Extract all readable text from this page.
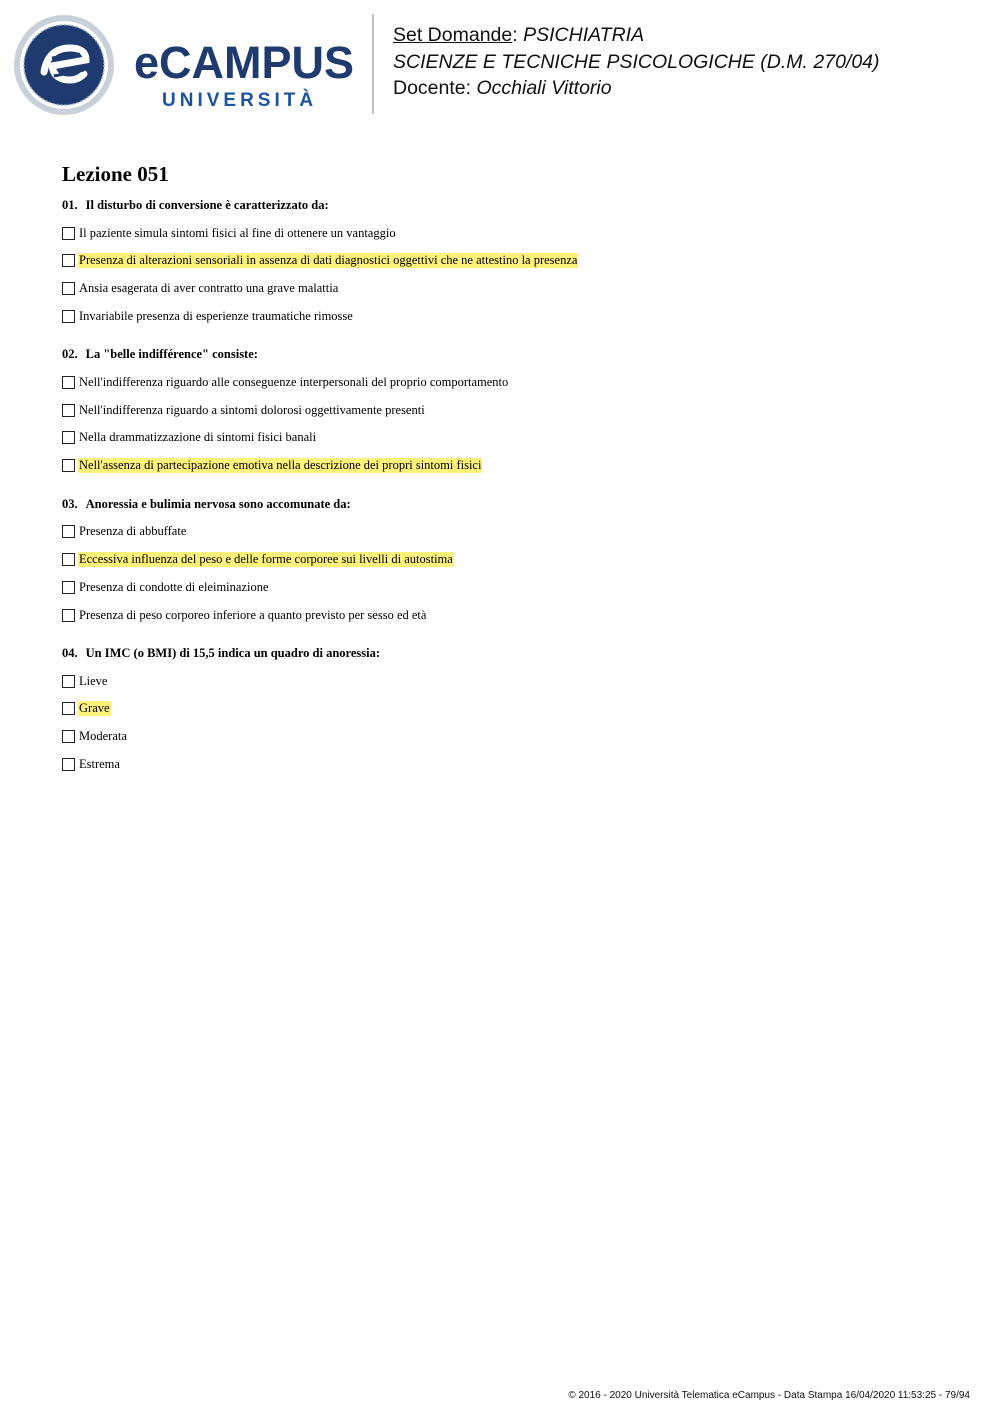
eCAMPUS
UNIVERSITÀ
Set Domande: PSICHIATRIA
SCIENZE E TECNICHE PSICOLOGICHE (D.M. 270/04)
Docente: Occhiali Vittorio
Lezione 051
01. Il disturbo di conversione è caratterizzato da:
Il paziente simula sintomi fisici al fine di ottenere un vantaggio
Presenza di alterazioni sensoriali in assenza di dati diagnostici oggettivi che ne attestino la presenza
Ansia esagerata di aver contratto una grave malattia
Invariabile presenza di esperienze traumatiche rimosse
02. La "belle indifférence" consiste:
Nell'indifferenza riguardo alle conseguenze interpersonali del proprio comportamento
Nell'indifferenza riguardo a sintomi dolorosi oggettivamente presenti
Nella drammatizzazione di sintomi fisici banali
Nell'assenza di partecipazione emotiva nella descrizione dei propri sintomi fisici
03. Anoressia e bulimia nervosa sono accomunate da:
Presenza di abbuffate
Eccessiva influenza del peso e delle forme corporee sui livelli di autostima
Presenza di condotte di eleiminazione
Presenza di peso corporeo inferiore a quanto previsto per sesso ed età
04. Un IMC (o BMI) di 15,5 indica un quadro di anoressia:
Lieve
Grave
Moderata
Estrema
© 2016 - 2020 Università Telematica eCampus - Data Stampa 16/04/2020 11:53:25 - 79/94
